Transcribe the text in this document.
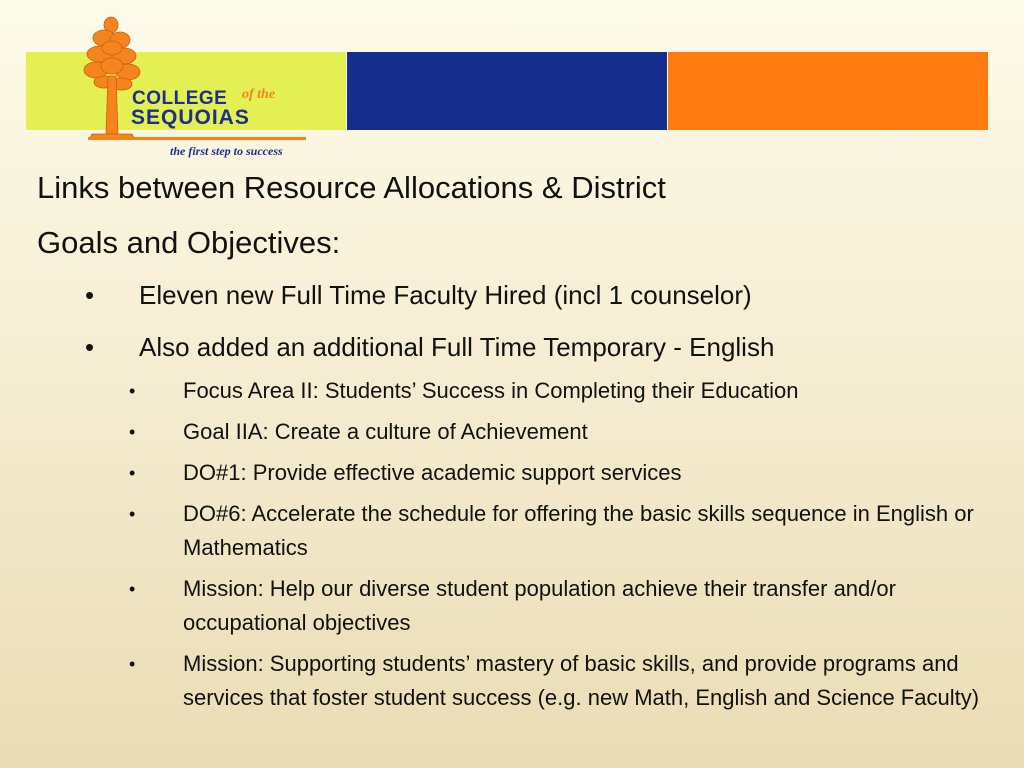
COLLEGE of the
SEQUOIAS
the first step to success

Links between Resource Allocations & District

Goals and Objectives:

• Eleven new Full Time Faculty Hired (incl 1 counselor)
• Also added an additional Full Time Temporary - English
• Focus Area II: Students’ Success in Completing their Education
• Goal IIA: Create a culture of Achievement
• DO#1: Provide effective academic support services
• DO#6: Accelerate the schedule for offering the basic skills sequence in English or Mathematics
• Mission: Help our diverse student population achieve their transfer and/or occupational objectives
• Mission: Supporting students’ mastery of basic skills, and provide programs and services that foster student success (e.g. new Math, English and Science Faculty)
